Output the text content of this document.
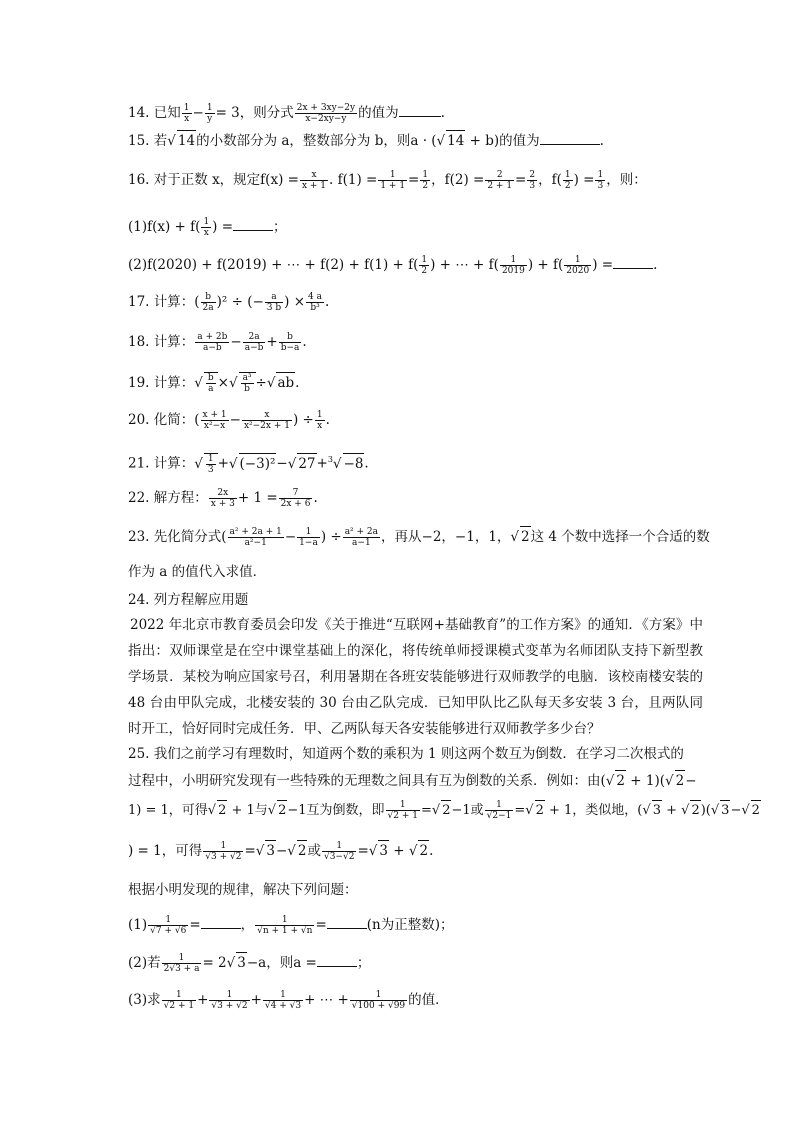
14. 已知 $\frac{1}{x} - \frac{1}{y} = 3$，则分式 $\frac{2x + 3xy-2y}{x-2xy-y}$ 的值为	.
15. 若√ 14的小数部分为 a，整数部分为 b，则a · (√ 14 + b)的值为	.
16. 对于正数 x，规定$f(x) = \frac{x}{x + 1}$ . $f(1) = \frac{1}{1 + 1} = \frac{1}{2}$ ，$f(2) = \frac{2}{2 + 1} = \frac{2}{3}$ ，$f( \frac{1}{2}$ ) = $\frac{1}{3}$ ，则：
$(1)f(x) + f( \frac{1}{x}$ ) =	；
(2)f(2020) + f(2019) + ⋯ + $f(2) + f(1) + f( \frac{1}{2}$ ) + ⋯ + $f( \frac{1}{2019}$ ) + $f( \frac{1}{2020}$ ) =	.
17. 计算：( $\frac{b}{2a} )^2$ ÷ (− $\frac{a}{3 b}$ ) × $\frac{4 a}{\text{b³}}$ .
18. 计算： $\frac{a + 2b}{a-b} - \frac{2a}{a-b} + \frac{b}{b-a}$ .
19. 计算：√ $\frac{b}{a}$ ×√ $\frac{\text{a³}}{b}$ ÷√ ab.
20. 化简：( $\frac{x + 1}{\text{x²−x}} - \frac{x}{\text{x²−2x + 1}}$ ) ÷ $\frac{1}{x}$ .
21. 计算：√ $\frac{1}{3}$ +√ (−3)²−√ 27+$^3$√ −8.
22. 解方程： $\frac{2x}{x + 3} + 1 = \frac{7}{2x + 6}$ .
23. 先化简分式( $\frac{\text{a² + 2a + 1}}{\text{a²−1}} - \frac{1}{1-a}$ ) ÷ $\frac{\text{a² + 2a}}{a-1}$ ，再从−2，−1，1，√ 2这 4 个数中选择一个合适的数
作为 a 的值代入求值．
24. 列方程解应用题
2022 年北京市教育委员会印发《关于推进“互联网+基础教育”的工作方案》的通知．《方案》中指出：双师课堂是在空中课堂基础上的深化，将传统单师授课模式变革为名师团队支持下新型教学场景．某校为响应国家号召，利用暑期在各班安装能够进行双师教学的电脑．该校南楼安装的 48 台由甲队完成，北楼安装的 30 台由乙队完成．已知甲队比乙队每天多安装 3 台，且两队同时开工，恰好同时完成任务．甲、乙两队每天各安装能够进行双师教学多少台？
25. 我们之前学习有理数时，知道两个数的乘积为 1 则这两个数互为倒数．在学习二次根式的
过程中，小明研究发现有一些特殊的无理数之间具有互为倒数的关系．例如：由(√ 2 + 1)(√ 2−
1) = 1，可得√ 2 + 1与√ 2−1互为倒数，即 $\frac{1}{√2 + 1}$ =√ 2−1或 $\frac{1}{√2-1}$ =√ 2 + 1，类似地，(√ 3 + √ 2)(√ 3−√ 2
) = 1，可得 $\frac{1}{√3 + √2}$ =√ 3−√ 2或 $\frac{1}{√3-√2}$ =√ 3 + √ 2.
根据小明发现的规律，解决下列问题：
$(1) \frac{1}{√7 + √6}$ =	， $\frac{1}{√n + 1 + √n}$ =	(n为正整数)；
(2)若 $\frac{1}{2√3 + a} = 2√$ 3−a，则a =	；
(3)求 $\frac{1}{√2 + 1} + \frac{1}{√3 + √2} + \frac{1}{√4 + √3}$ + ⋯ + $\frac{1}{√100 + √99}$ 的值．
